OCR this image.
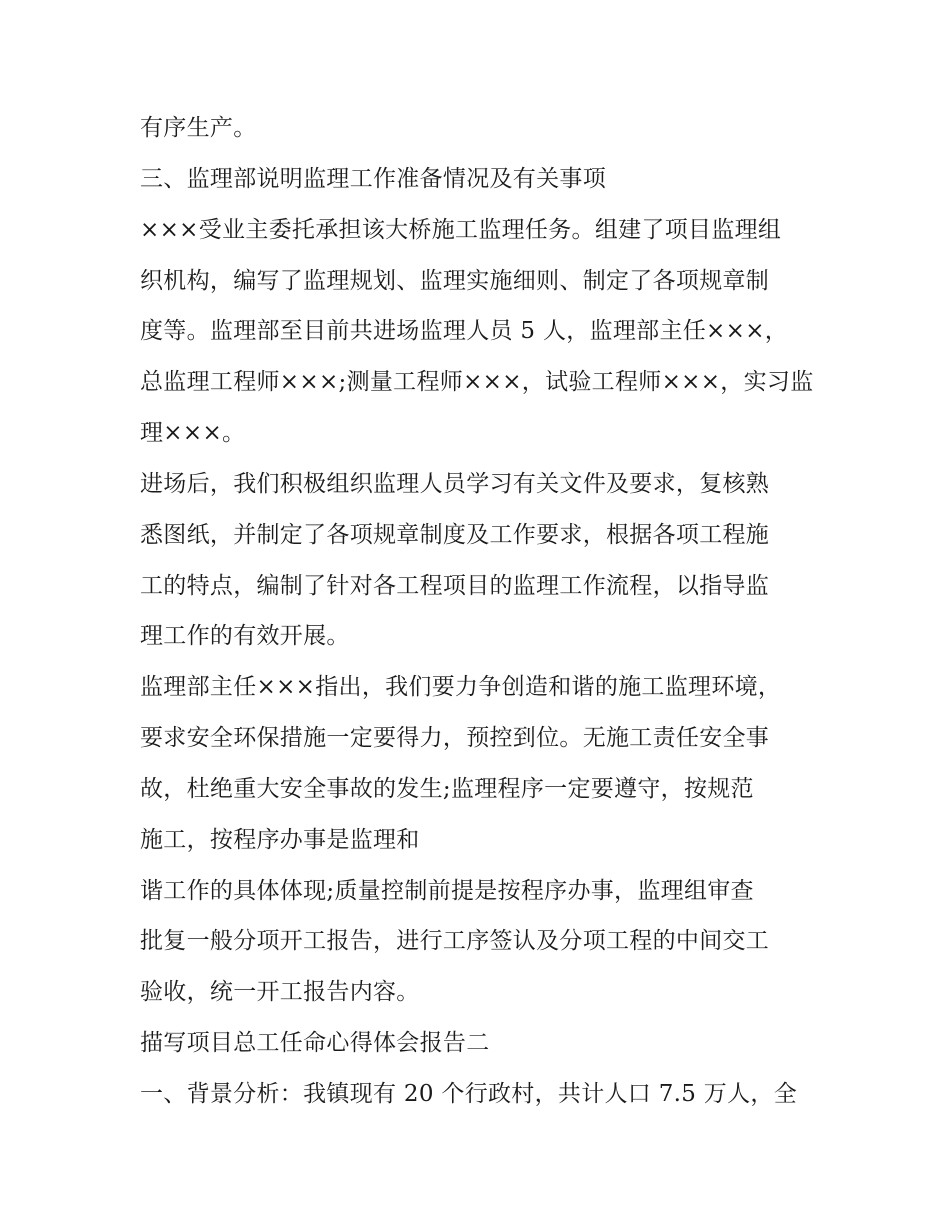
有序生产。
三、监理部说明监理工作准备情况及有关事项
×××受业主委托承担该大桥施工监理任务。组建了项目监理组
织机构，编写了监理规划、监理实施细则、制定了各项规章制
度等。监理部至目前共进场监理人员 5 人，监理部主任×××，
总监理工程师×××;测量工程师×××，试验工程师×××，实习监
理×××。
进场后，我们积极组织监理人员学习有关文件及要求，复核熟
悉图纸，并制定了各项规章制度及工作要求，根据各项工程施
工的特点，编制了针对各工程项目的监理工作流程，以指导监
理工作的有效开展。
监理部主任×××指出，我们要力争创造和谐的施工监理环境，
要求安全环保措施一定要得力，预控到位。无施工责任安全事
故，杜绝重大安全事故的发生;监理程序一定要遵守，按规范
施工，按程序办事是监理和
谐工作的具体体现;质量控制前提是按程序办事，监理组审查
批复一般分项开工报告，进行工序签认及分项工程的中间交工
验收，统一开工报告内容。
描写项目总工任命心得体会报告二
一、背景分析：我镇现有 20 个行政村，共计人口 7.5 万人，全
